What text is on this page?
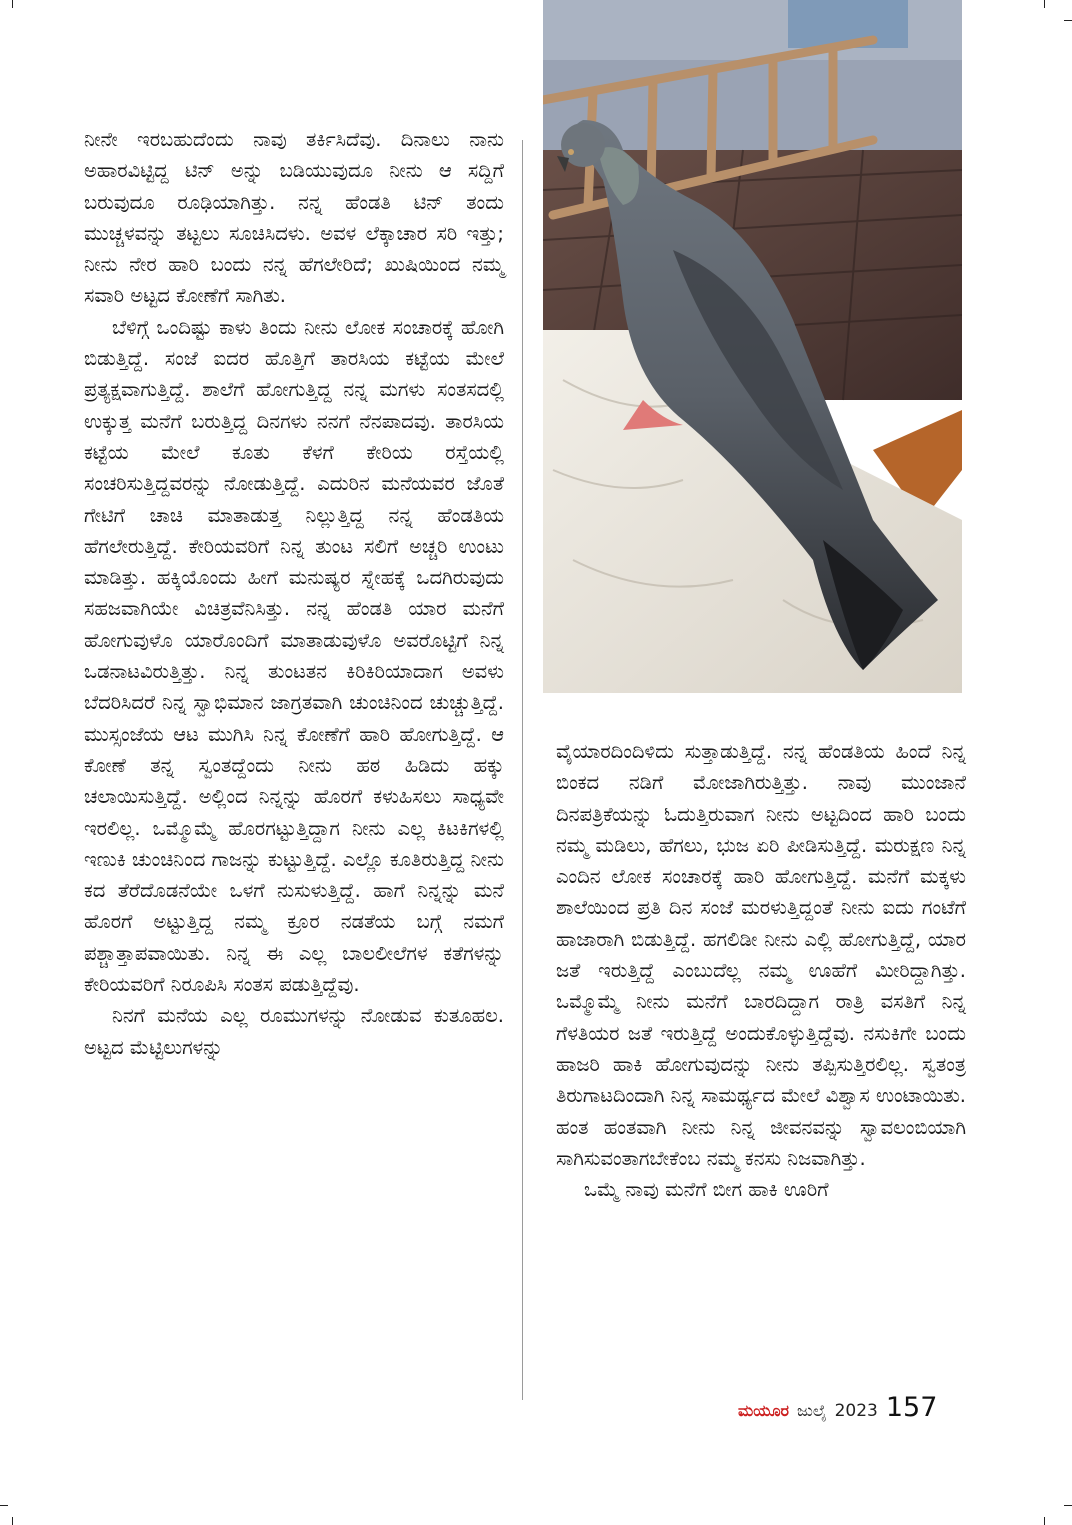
ನೀನೇ ಇರಬಹುದೆಂದು ನಾವು ತರ್ಕಿಸಿದೆವು. ದಿನಾಲು ನಾನು ಅಹಾರವಿಟ್ಟಿದ್ದ ಟಿನ್ ಅನ್ನು ಬಡಿಯುವುದೂ ನೀನು ಆ ಸದ್ದಿಗೆ ಬರುವುದೂ ರೂಢಿಯಾಗಿತ್ತು. ನನ್ನ ಹೆಂಡತಿ ಟಿನ್ ತಂದು ಮುಚ್ಚಳವನ್ನು ತಟ್ಟಲು ಸೂಚಿಸಿದಳು. ಅವಳ ಲೆಕ್ಕಾಚಾರ ಸರಿ ಇತ್ತು; ನೀನು ನೇರ ಹಾರಿ ಬಂದು ನನ್ನ ಹೆಗಲೇರಿದೆ; ಖುಷಿಯಿಂದ ನಮ್ಮ ಸವಾರಿ ಅಟ್ಟದ ಕೋಣೆಗೆ ಸಾಗಿತು.

ಬೆಳಿಗ್ಗೆ ಒಂದಿಷ್ಟು ಕಾಳು ತಿಂದು ನೀನು ಲೋಕ ಸಂಚಾರಕ್ಕೆ ಹೋಗಿ ಬಿಡುತ್ತಿದ್ದೆ. ಸಂಜೆ ಐದರ ಹೊತ್ತಿಗೆ ತಾರಸಿಯ ಕಟ್ಟೆಯ ಮೇಲೆ ಪ್ರತ್ಯಕ್ಷವಾಗುತ್ತಿದ್ದೆ. ಶಾಲೆಗೆ ಹೋಗುತ್ತಿದ್ದ ನನ್ನ ಮಗಳು ಸಂತಸದಲ್ಲಿ ಉಕ್ಕುತ್ತ ಮನೆಗೆ ಬರುತ್ತಿದ್ದ ದಿನಗಳು ನನಗೆ ನೆನಪಾದವು. ತಾರಸಿಯ ಕಟ್ಟೆಯ ಮೇಲೆ ಕೂತು ಕೆಳಗೆ ಕೇರಿಯ ರಸ್ತೆಯಲ್ಲಿ ಸಂಚರಿಸುತ್ತಿದ್ದವರನ್ನು ನೋಡುತ್ತಿದ್ದೆ. ಎದುರಿನ ಮನೆಯವರ ಜೊತೆ ಗೇಟಿಗೆ ಚಾಚಿ ಮಾತಾಡುತ್ತ ನಿಲ್ಲುತ್ತಿದ್ದ ನನ್ನ ಹೆಂಡತಿಯ ಹೆಗಲೇರುತ್ತಿದ್ದೆ. ಕೇರಿಯವರಿಗೆ ನಿನ್ನ ತುಂಟ ಸಲಿಗೆ ಅಚ್ಚರಿ ಉಂಟು ಮಾಡಿತ್ತು. ಹಕ್ಕಿಯೊಂದು ಹೀಗೆ ಮನುಷ್ಯರ ಸ್ನೇಹಕ್ಕೆ ಒದಗಿರುವುದು ಸಹಜವಾಗಿಯೇ ವಿಚಿತ್ರವೆನಿಸಿತ್ತು. ನನ್ನ ಹೆಂಡತಿ ಯಾರ ಮನೆಗೆ ಹೋಗುವುಳೊ ಯಾರೊಂದಿಗೆ ಮಾತಾಡುವುಳೊ ಅವರೊಟ್ಟಿಗೆ ನಿನ್ನ ಒಡನಾಟವಿರುತ್ತಿತ್ತು. ನಿನ್ನ ತುಂಟತನ ಕಿರಿಕಿರಿಯಾದಾಗ ಅವಳು ಬೆದರಿಸಿದರೆ ನಿನ್ನ ಸ್ವಾಭಿಮಾನ ಜಾಗ್ರತವಾಗಿ ಚುಂಚಿನಿಂದ ಚುಚ್ಚುತ್ತಿದ್ದೆ. ಮುಸ್ಸಂಜೆಯ ಆಟ ಮುಗಿಸಿ ನಿನ್ನ ಕೋಣೆಗೆ ಹಾರಿ ಹೋಗುತ್ತಿದ್ದೆ. ಆ ಕೋಣೆ ತನ್ನ ಸ್ವಂತದ್ದೆಂದು ನೀನು ಹಠ ಹಿಡಿದು ಹಕ್ಕು ಚಲಾಯಿಸುತ್ತಿದ್ದೆ. ಅಲ್ಲಿಂದ ನಿನ್ನನ್ನು ಹೊರಗೆ ಕಳುಹಿಸಲು ಸಾಧ್ಯವೇ ಇರಲಿಲ್ಲ. ಒಮ್ಮೊಮ್ಮೆ ಹೊರಗಟ್ಟುತ್ತಿದ್ದಾಗ ನೀನು ಎಲ್ಲ ಕಿಟಕಿಗಳಲ್ಲಿ ಇಣುಕಿ ಚುಂಚಿನಿಂದ ಗಾಜನ್ನು ಕುಟ್ಟುತ್ತಿದ್ದೆ. ಎಲ್ಲೊ ಕೂತಿರುತ್ತಿದ್ದ ನೀನು ಕದ ತೆರೆದೊಡನೆಯೇ ಒಳಗೆ ನುಸುಳುತ್ತಿದ್ದೆ. ಹಾಗೆ ನಿನ್ನನ್ನು ಮನೆ ಹೊರಗೆ ಅಟ್ಟುತ್ತಿದ್ದ ನಮ್ಮ ಕ್ರೂರ ನಡತೆಯ ಬಗ್ಗೆ ನಮಗೆ ಪಶ್ಚಾತ್ತಾಪವಾಯಿತು. ನಿನ್ನ ಈ ಎಲ್ಲ ಬಾಲಲೀಲೆಗಳ ಕತೆಗಳನ್ನು ಕೇರಿಯವರಿಗೆ ನಿರೂಪಿಸಿ ಸಂತಸ ಪಡುತ್ತಿದ್ದೆವು.

ನಿನಗೆ ಮನೆಯ ಎಲ್ಲ ರೂಮುಗಳನ್ನು ನೋಡುವ ಕುತೂಹಲ. ಅಟ್ಟದ ಮೆಟ್ಟಿಲುಗಳನ್ನು

ವೈಯಾರದಿಂದಿಳಿದು ಸುತ್ತಾಡುತ್ತಿದ್ದೆ. ನನ್ನ ಹೆಂಡತಿಯ ಹಿಂದೆ ನಿನ್ನ ಬಿಂಕದ ನಡಿಗೆ ಮೋಜಾಗಿರುತ್ತಿತ್ತು. ನಾವು ಮುಂಜಾನೆ ದಿನಪತ್ರಿಕೆಯನ್ನು ಓದುತ್ತಿರುವಾಗ ನೀನು ಅಟ್ಟದಿಂದ ಹಾರಿ ಬಂದು ನಮ್ಮ ಮಡಿಲು, ಹೆಗಲು, ಭುಜ ಏರಿ ಪೀಡಿಸುತ್ತಿದ್ದೆ. ಮರುಕ್ಷಣ ನಿನ್ನ ಎಂದಿನ ಲೋಕ ಸಂಚಾರಕ್ಕೆ ಹಾರಿ ಹೋಗುತ್ತಿದ್ದೆ. ಮನೆಗೆ ಮಕ್ಕಳು ಶಾಲೆಯಿಂದ ಪ್ರತಿ ದಿನ ಸಂಜೆ ಮರಳುತ್ತಿದ್ದಂತೆ ನೀನು ಐದು ಗಂಟೆಗೆ ಹಾಜಾರಾಗಿ ಬಿಡುತ್ತಿದ್ದೆ. ಹಗಲಿಡೀ ನೀನು ಎಲ್ಲಿ ಹೋಗುತ್ತಿದ್ದೆ, ಯಾರ ಜತೆ ಇರುತ್ತಿದ್ದೆ ಎಂಬುದೆಲ್ಲ ನಮ್ಮ ಊಹೆಗೆ ಮೀರಿದ್ದಾಗಿತ್ತು. ಒಮ್ಮೊಮ್ಮೆ ನೀನು ಮನೆಗೆ ಬಾರದಿದ್ದಾಗ ರಾತ್ರಿ ವಸತಿಗೆ ನಿನ್ನ ಗೆಳತಿಯರ ಜತೆ ಇರುತ್ತಿದ್ದೆ ಅಂದುಕೊಳ್ಳುತ್ತಿದ್ದೆವು. ನಸುಕಿಗೇ ಬಂದು ಹಾಜರಿ ಹಾಕಿ ಹೋಗುವುದನ್ನು ನೀನು ತಪ್ಪಿಸುತ್ತಿರಲಿಲ್ಲ. ಸ್ವತಂತ್ರ ತಿರುಗಾಟದಿಂದಾಗಿ ನಿನ್ನ ಸಾಮರ್ಥ್ಯದ ಮೇಲೆ ವಿಶ್ವಾಸ ಉಂಟಾಯಿತು. ಹಂತ ಹಂತವಾಗಿ ನೀನು ನಿನ್ನ ಜೀವನವನ್ನು ಸ್ವಾವಲಂಬಿಯಾಗಿ ಸಾಗಿಸುವಂತಾಗಬೇಕೆಂಬ ನಮ್ಮ ಕನಸು ನಿಜವಾಗಿತ್ತು.

ಒಮ್ಮೆ ನಾವು ಮನೆಗೆ ಬೀಗ ಹಾಕಿ ಊರಿಗೆ

ಮಯೂರ ಜುಲೈ 2023 157
